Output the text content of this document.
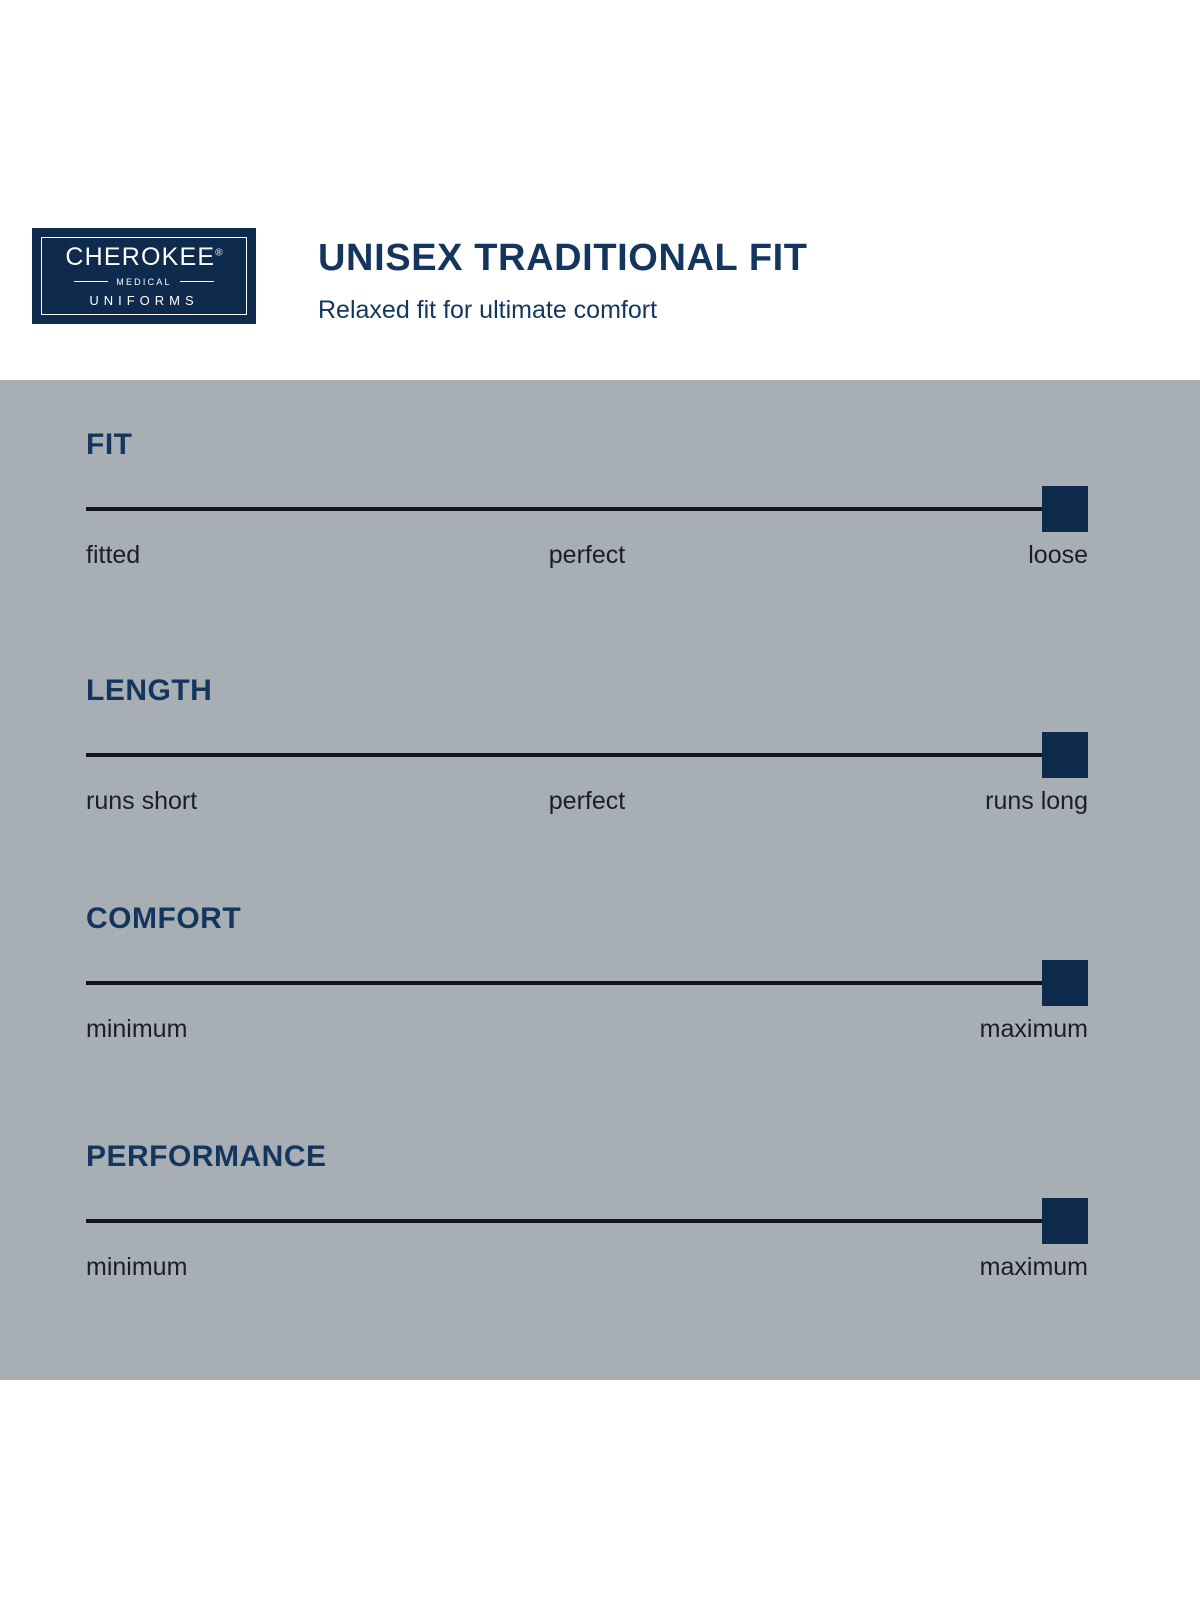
CHEROKEE®
MEDICAL
UNIFORMS
UNISEX TRADITIONAL FIT
Relaxed fit for ultimate comfort
FIT
fitted	perfect	loose
LENGTH
runs short	perfect	runs long
COMFORT
minimum	maximum
PERFORMANCE
minimum	maximum
